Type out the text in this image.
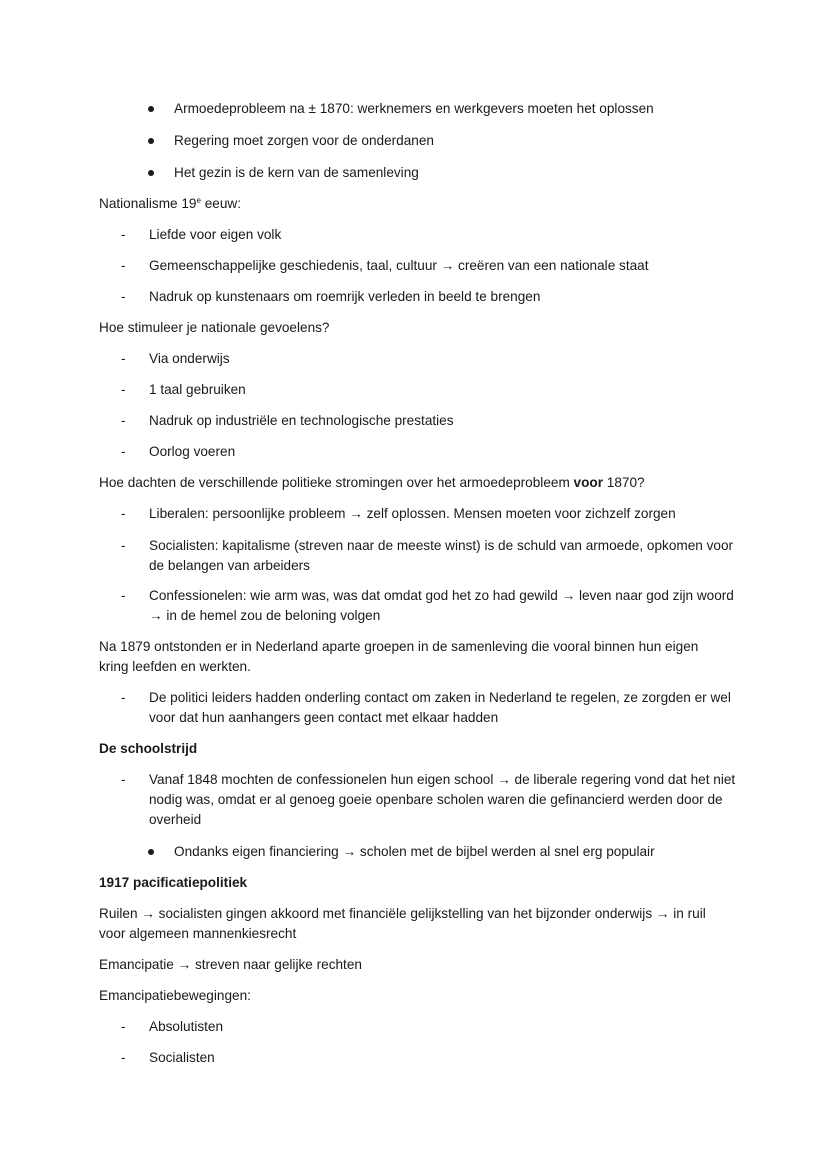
Armoedeprobleem na ± 1870: werknemers en werkgevers moeten het oplossen
Regering moet zorgen voor de onderdanen
Het gezin is de kern van de samenleving
Nationalisme 19e eeuw:
- Liefde voor eigen volk
- Gemeenschappelijke geschiedenis, taal, cultuur → creëren van een nationale staat
- Nadruk op kunstenaars om roemrijk verleden in beeld te brengen
Hoe stimuleer je nationale gevoelens?
- Via onderwijs
- 1 taal gebruiken
- Nadruk op industriële en technologische prestaties
- Oorlog voeren
Hoe dachten de verschillende politieke stromingen over het armoedeprobleem voor 1870?
- Liberalen: persoonlijke probleem → zelf oplossen. Mensen moeten voor zichzelf zorgen
- Socialisten: kapitalisme (streven naar de meeste winst) is de schuld van armoede, opkomen voor de belangen van arbeiders
- Confessionelen: wie arm was, was dat omdat god het zo had gewild → leven naar god zijn woord → in de hemel zou de beloning volgen
Na 1879 ontstonden er in Nederland aparte groepen in de samenleving die vooral binnen hun eigen kring leefden en werkten.
- De politici leiders hadden onderling contact om zaken in Nederland te regelen, ze zorgden er wel voor dat hun aanhangers geen contact met elkaar hadden
De schoolstrijd
- Vanaf 1848 mochten de confessionelen hun eigen school → de liberale regering vond dat het niet nodig was, omdat er al genoeg goeie openbare scholen waren die gefinancierd werden door de overheid
Ondanks eigen financiering → scholen met de bijbel werden al snel erg populair
1917 pacificatiepolitiek
Ruilen → socialisten gingen akkoord met financiële gelijkstelling van het bijzonder onderwijs → in ruil voor algemeen mannenkiesrecht
Emancipatie → streven naar gelijke rechten
Emancipatiebewegingen:
- Absolutisten
- Socialisten
